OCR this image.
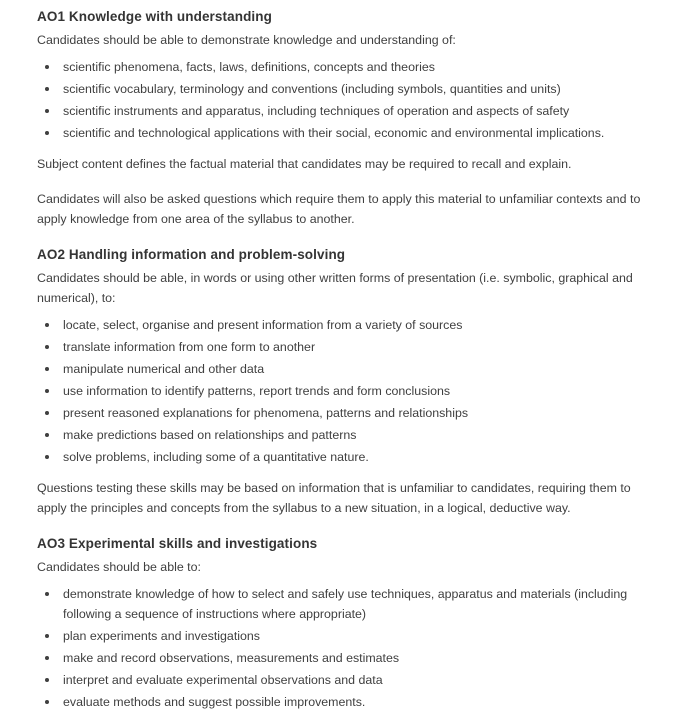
AO1 Knowledge with understanding

Candidates should be able to demonstrate knowledge and understanding of:

scientific phenomena, facts, laws, definitions, concepts and theories
scientific vocabulary, terminology and conventions (including symbols, quantities and units)
scientific instruments and apparatus, including techniques of operation and aspects of safety
scientific and technological applications with their social, economic and environmental implications.

Subject content defines the factual material that candidates may be required to recall and explain.

Candidates will also be asked questions which require them to apply this material to unfamiliar contexts and to apply knowledge from one area of the syllabus to another.

AO2 Handling information and problem-solving

Candidates should be able, in words or using other written forms of presentation (i.e. symbolic, graphical and numerical), to:

locate, select, organise and present information from a variety of sources
translate information from one form to another
manipulate numerical and other data
use information to identify patterns, report trends and form conclusions
present reasoned explanations for phenomena, patterns and relationships
make predictions based on relationships and patterns
solve problems, including some of a quantitative nature.

Questions testing these skills may be based on information that is unfamiliar to candidates, requiring them to apply the principles and concepts from the syllabus to a new situation, in a logical, deductive way.

AO3 Experimental skills and investigations

Candidates should be able to:

demonstrate knowledge of how to select and safely use techniques, apparatus and materials (including following a sequence of instructions where appropriate)
plan experiments and investigations
make and record observations, measurements and estimates
interpret and evaluate experimental observations and data
evaluate methods and suggest possible improvements.
